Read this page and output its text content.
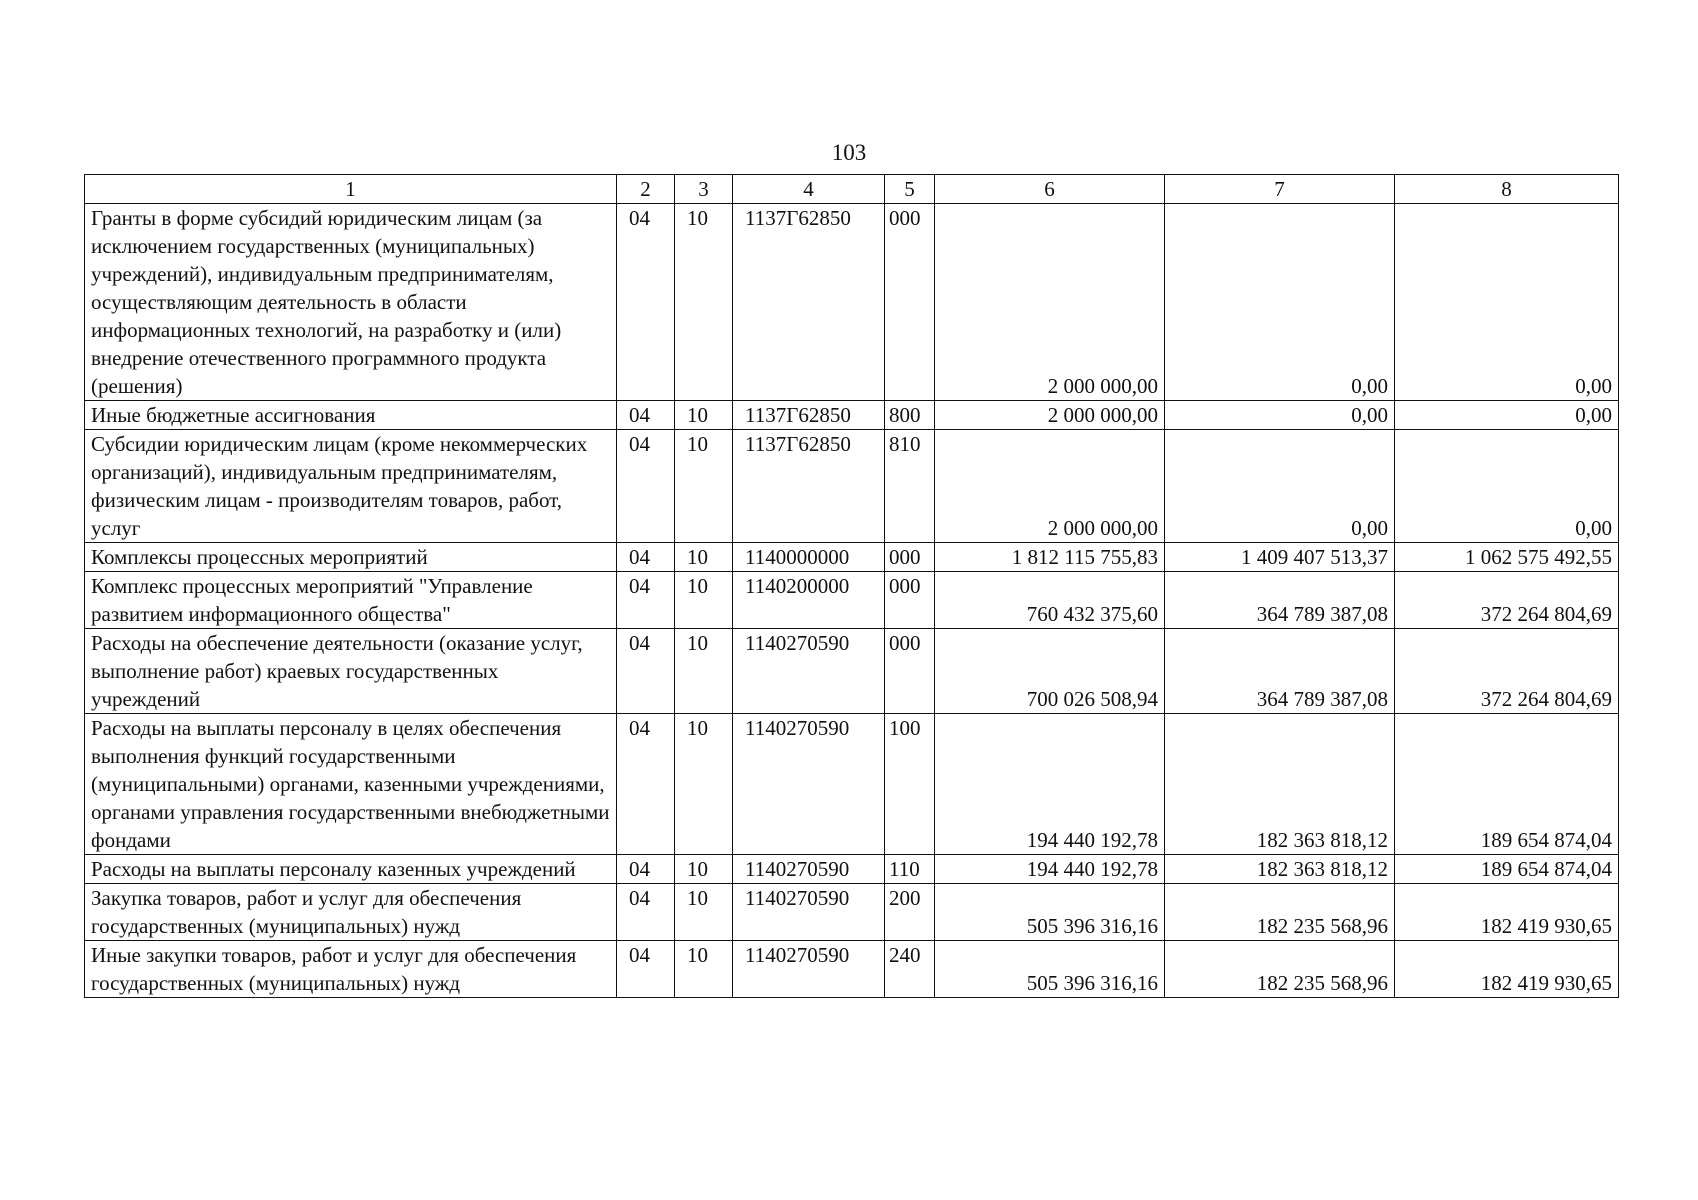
103
1	2	3	4	5	6	7	8
Гранты в форме субсидий юридическим лицам (за исключением государственных (муниципальных) учреждений), индивидуальным предпринимателям, осуществляющим деятельность в области информационных технологий, на разработку и (или) внедрение отечественного программного продукта (решения)	04	10	1137Г62850	000	2 000 000,00	0,00	0,00
Иные бюджетные ассигнования	04	10	1137Г62850	800	2 000 000,00	0,00	0,00
Субсидии юридическим лицам (кроме некоммерческих организаций), индивидуальным предпринимателям, физическим лицам - производителям товаров, работ, услуг	04	10	1137Г62850	810	2 000 000,00	0,00	0,00
Комплексы процессных мероприятий	04	10	1140000000	000	1 812 115 755,83	1 409 407 513,37	1 062 575 492,55
Комплекс процессных мероприятий "Управление развитием информационного общества"	04	10	1140200000	000	760 432 375,60	364 789 387,08	372 264 804,69
Расходы на обеспечение деятельности (оказание услуг, выполнение работ) краевых государственных учреждений	04	10	1140270590	000	700 026 508,94	364 789 387,08	372 264 804,69
Расходы на выплаты персоналу в целях обеспечения выполнения функций государственными (муниципальными) органами, казенными учреждениями, органами управления государственными внебюджетными фондами	04	10	1140270590	100	194 440 192,78	182 363 818,12	189 654 874,04
Расходы на выплаты персоналу казенных учреждений	04	10	1140270590	110	194 440 192,78	182 363 818,12	189 654 874,04
Закупка товаров, работ и услуг для обеспечения государственных (муниципальных) нужд	04	10	1140270590	200	505 396 316,16	182 235 568,96	182 419 930,65
Иные закупки товаров, работ и услуг для обеспечения государственных (муниципальных) нужд	04	10	1140270590	240	505 396 316,16	182 235 568,96	182 419 930,65
